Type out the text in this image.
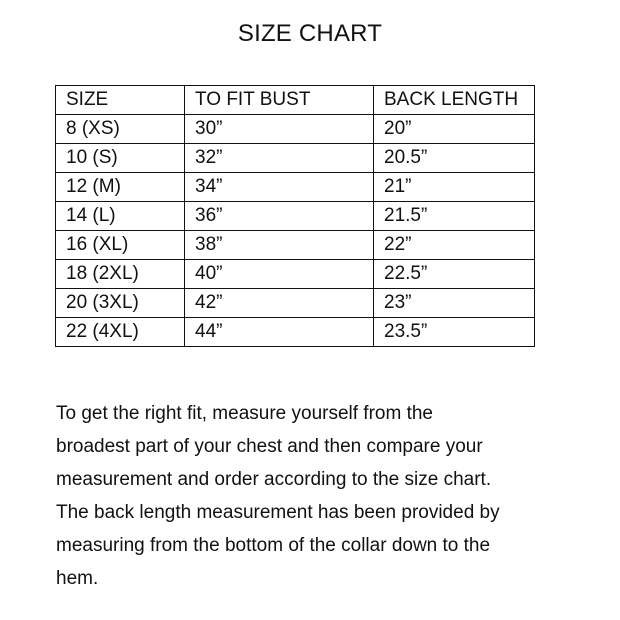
SIZE CHART
SIZE	TO FIT BUST	BACK LENGTH
8 (XS)	30”	20”
10 (S)	32”	20.5”
12 (M)	34”	21”
14 (L)	36”	21.5”
16 (XL)	38”	22”
18 (2XL)	40”	22.5”
20 (3XL)	42”	23”
22 (4XL)	44”	23.5”

To get the right fit, measure yourself from the

broadest part of your chest and then compare your

measurement and order according to the size chart.

The back length measurement has been provided by

measuring from the bottom of the collar down to the

hem.
